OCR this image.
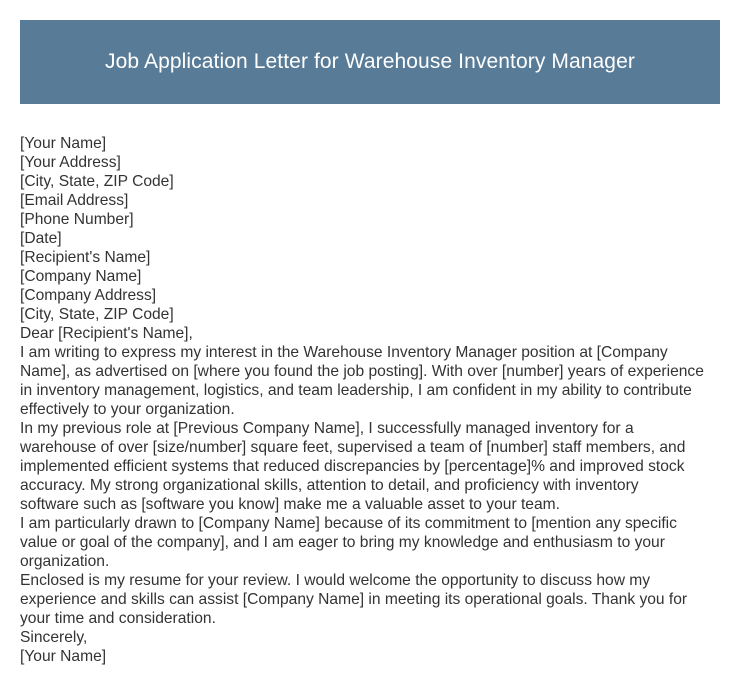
Job Application Letter for Warehouse Inventory Manager
[Your Name]
[Your Address]
[City, State, ZIP Code]
[Email Address]
[Phone Number]
[Date]
[Recipient's Name]
[Company Name]
[Company Address]
[City, State, ZIP Code]
Dear [Recipient's Name],

I am writing to express my interest in the Warehouse Inventory Manager position at [Company
Name], as advertised on [where you found the job posting]. With over [number] years of experience
in inventory management, logistics, and team leadership, I am confident in my ability to contribute
effectively to your organization.

In my previous role at [Previous Company Name], I successfully managed inventory for a
warehouse of over [size/number] square feet, supervised a team of [number] staff members, and
implemented efficient systems that reduced discrepancies by [percentage]% and improved stock
accuracy. My strong organizational skills, attention to detail, and proficiency with inventory
software such as [software you know] make me a valuable asset to your team.

I am particularly drawn to [Company Name] because of its commitment to [mention any specific
value or goal of the company], and I am eager to bring my knowledge and enthusiasm to your
organization.

Enclosed is my resume for your review. I would welcome the opportunity to discuss how my
experience and skills can assist [Company Name] in meeting its operational goals. Thank you for
your time and consideration.

Sincerely,
[Your Name]
